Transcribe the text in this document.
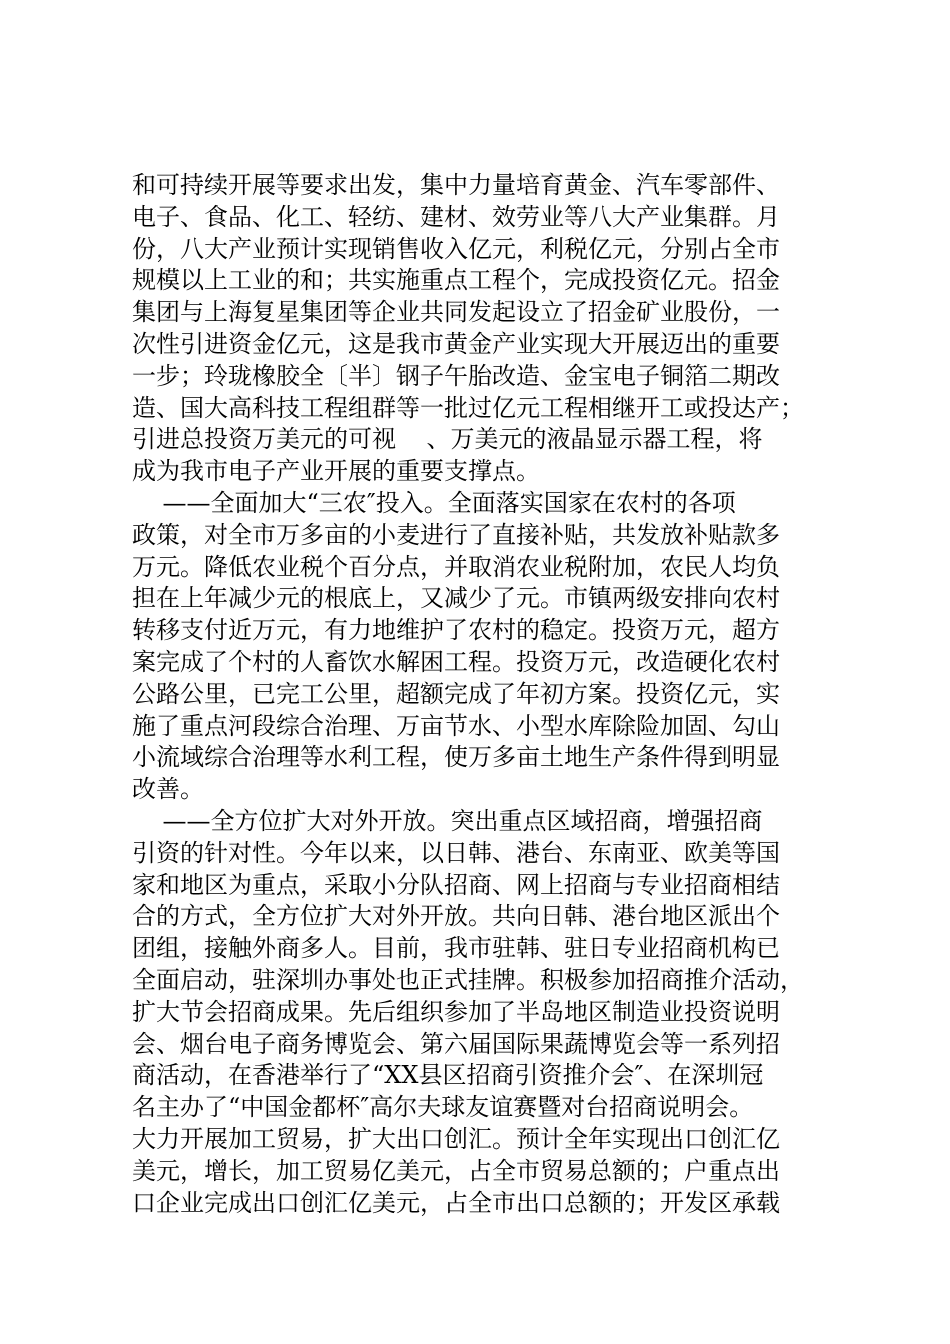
和可持续开展等要求出发，集中力量培育黄金、汽车零部件、
电子、食品、化工、轻纺、建材、效劳业等八大产业集群。月
份，八大产业预计实现销售收入亿元，利税亿元，分别占全市
规模以上工业的和；共实施重点工程个，完成投资亿元。招金
集团与上海复星集团等企业共同发起设立了招金矿业股份，一
次性引进资金亿元，这是我市黄金产业实现大开展迈出的重要
一步；玲珑橡胶全〔半〕钢子午胎改造、金宝电子铜箔二期改
造、国大高科技工程组群等一批过亿元工程相继开工或投达产；
引进总投资万美元的可视    、万美元的液晶显示器工程，将
成为我市电子产业开展的重要支撑点。
——全面加大“三农″投入。全面落实国家在农村的各项
政策，对全市万多亩的小麦进行了直接补贴，共发放补贴款多
万元。降低农业税个百分点，并取消农业税附加，农民人均负
担在上年减少元的根底上，又减少了元。市镇两级安排向农村
转移支付近万元，有力地维护了农村的稳定。投资万元，超方
案完成了个村的人畜饮水解困工程。投资万元，改造硬化农村
公路公里，已完工公里，超额完成了年初方案。投资亿元，实
施了重点河段综合治理、万亩节水、小型水库除险加固、勾山
小流域综合治理等水利工程，使万多亩土地生产条件得到明显
改善。
——全方位扩大对外开放。突出重点区域招商，增强招商
引资的针对性。今年以来，以日韩、港台、东南亚、欧美等国
家和地区为重点，采取小分队招商、网上招商与专业招商相结
合的方式，全方位扩大对外开放。共向日韩、港台地区派出个
团组，接触外商多人。目前，我市驻韩、驻日专业招商机构已
全面启动，驻深圳办事处也正式挂牌。积极参加招商推介活动，
扩大节会招商成果。先后组织参加了半岛地区制造业投资说明
会、烟台电子商务博览会、第六届国际果蔬博览会等一系列招
商活动，在香港举行了“XX县区招商引资推介会″、在深圳冠
名主办了“中国金都杯″高尔夫球友谊赛暨对台招商说明会。
大力开展加工贸易，扩大出口创汇。预计全年实现出口创汇亿
美元，增长，加工贸易亿美元，占全市贸易总额的；户重点出
口企业完成出口创汇亿美元，占全市出口总额的；开发区承载
